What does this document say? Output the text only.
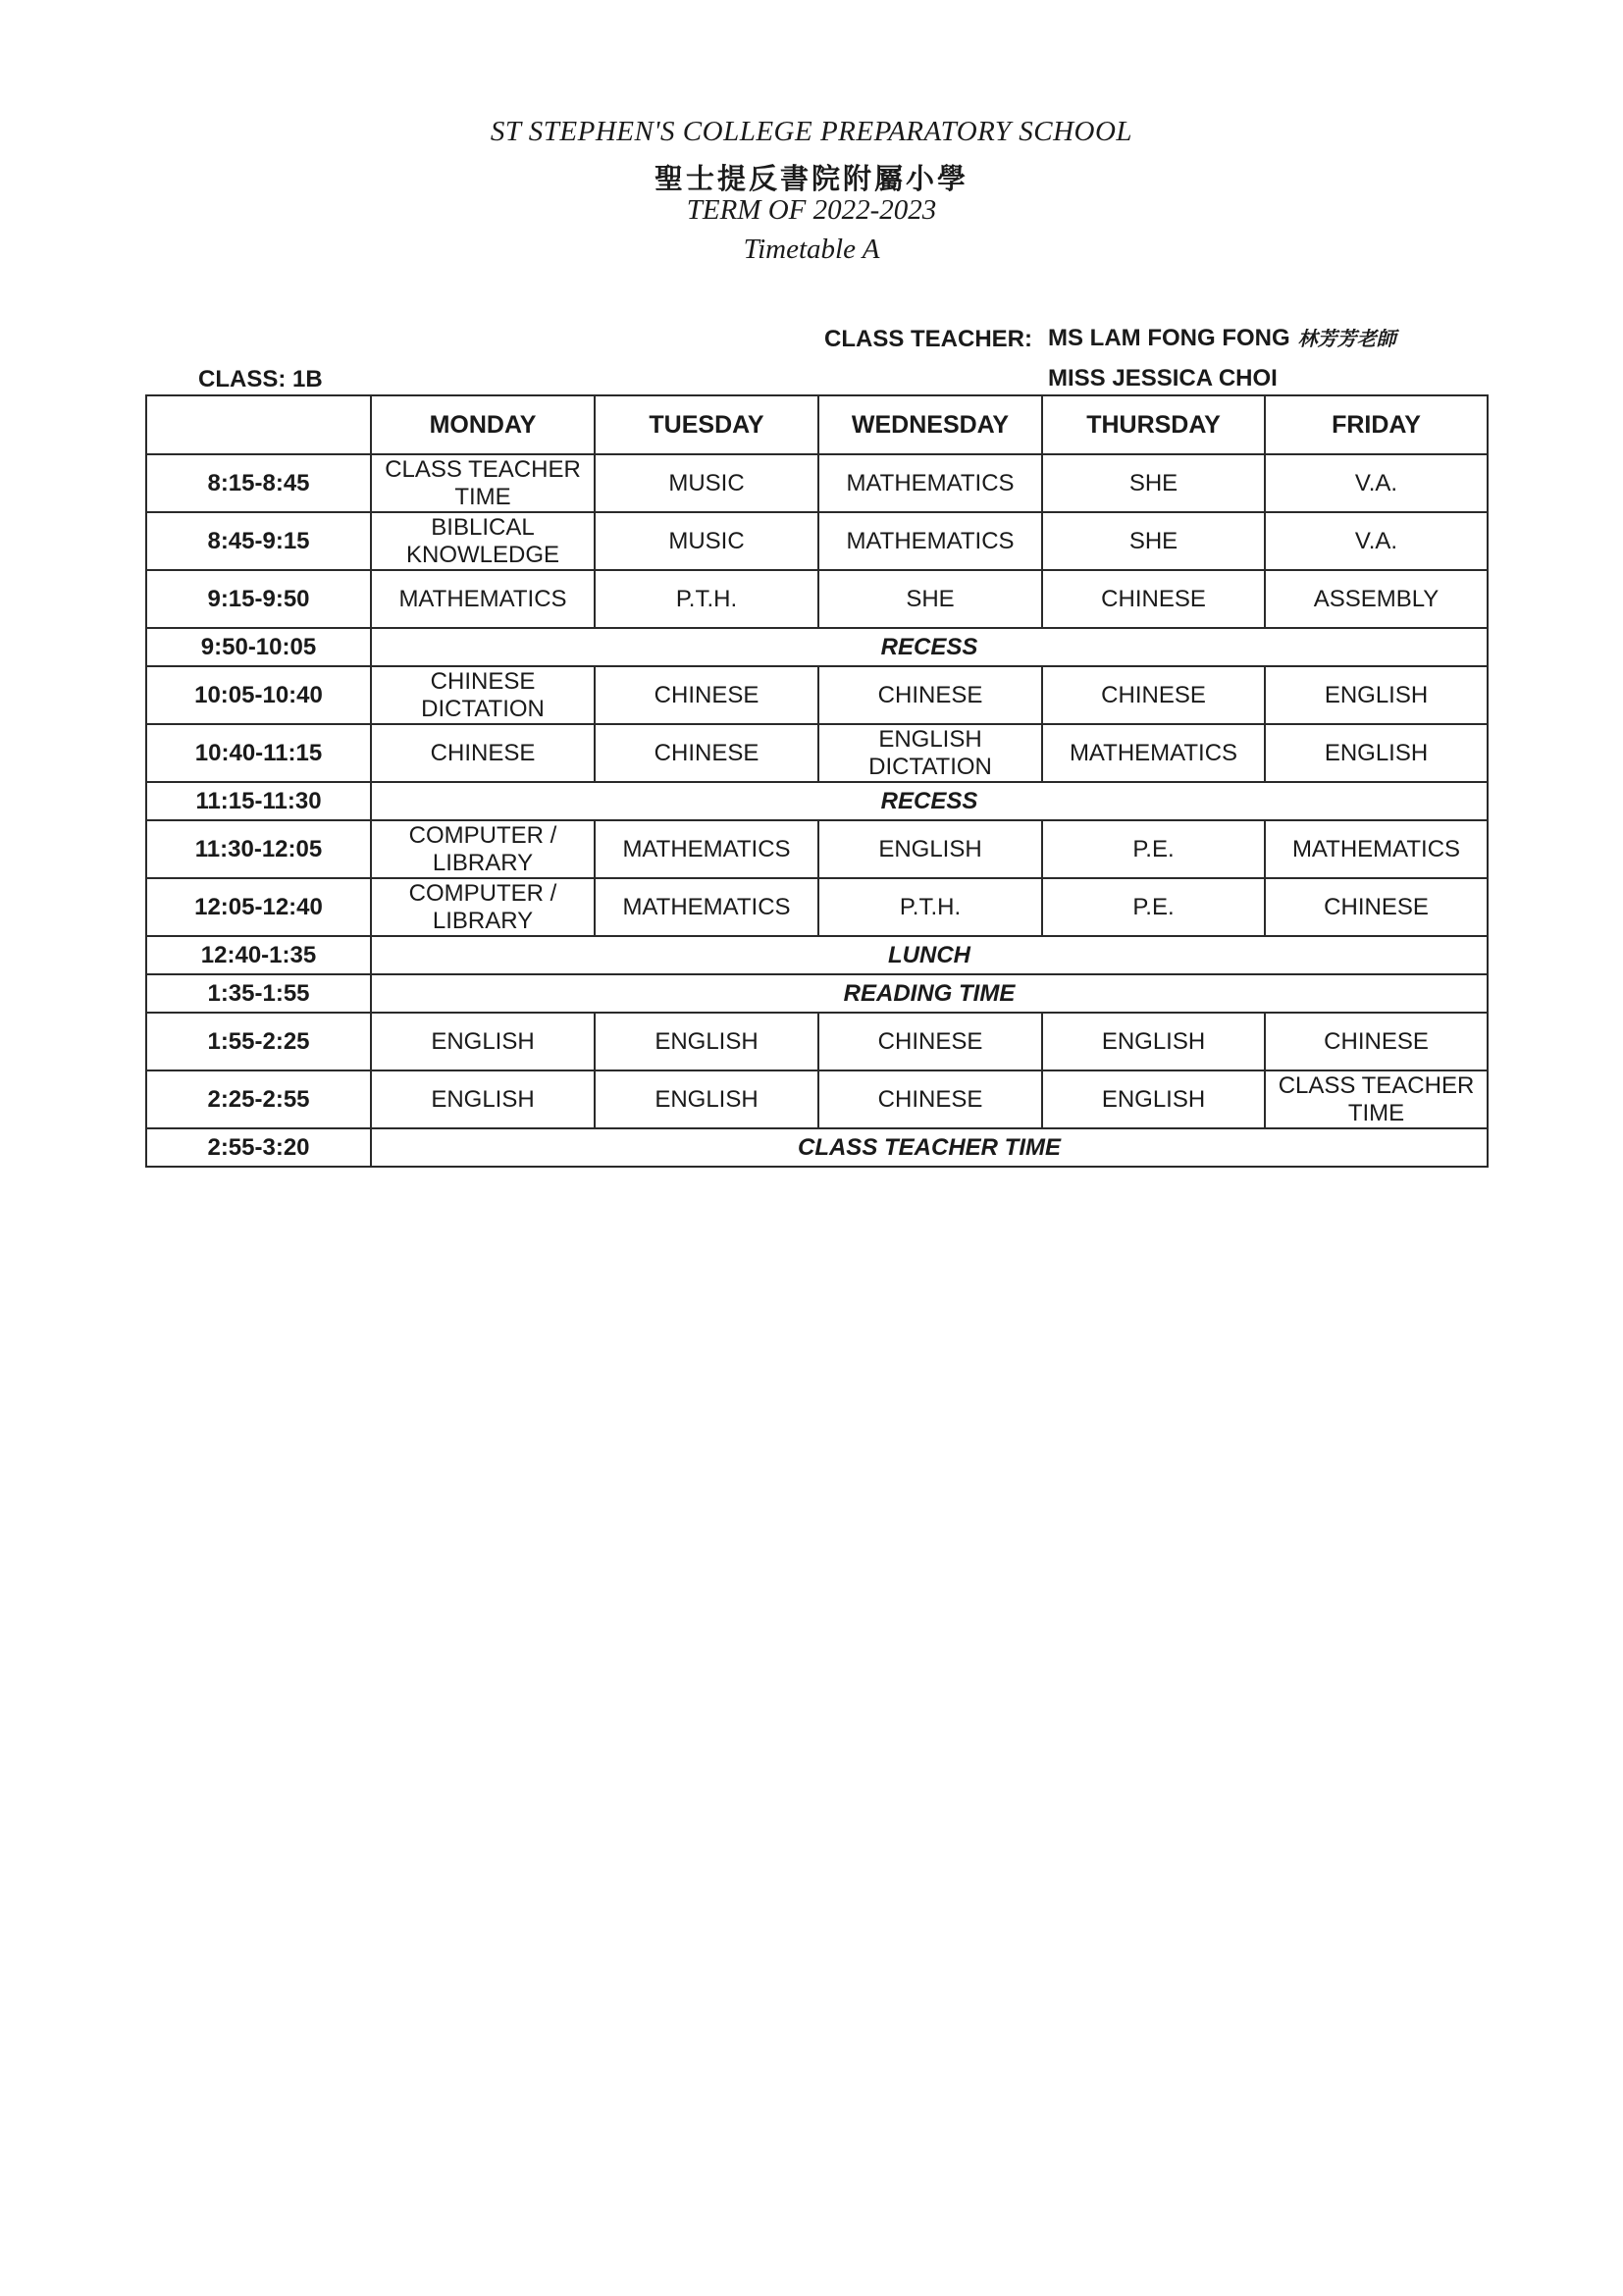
ST STEPHEN'S COLLEGE PREPARATORY SCHOOL
聖士提反書院附屬小學
TERM OF 2022-2023
Timetable A
CLASS TEACHER: MS LAM FONG FONG 林芳芳老師
MISS JESSICA CHOI
CLASS: 1B
	MONDAY	TUESDAY	WEDNESDAY	THURSDAY	FRIDAY
8:15-8:45	CLASS TEACHER TIME	MUSIC	MATHEMATICS	SHE	V.A.
8:45-9:15	BIBLICAL KNOWLEDGE	MUSIC	MATHEMATICS	SHE	V.A.
9:15-9:50	MATHEMATICS	P.T.H.	SHE	CHINESE	ASSEMBLY
9:50-10:05	RECESS				
10:05-10:40	CHINESE DICTATION	CHINESE	CHINESE	CHINESE	ENGLISH
10:40-11:15	CHINESE	CHINESE	ENGLISH DICTATION	MATHEMATICS	ENGLISH
11:15-11:30	RECESS				
11:30-12:05	COMPUTER / LIBRARY	MATHEMATICS	ENGLISH	P.E.	MATHEMATICS
12:05-12:40	COMPUTER / LIBRARY	MATHEMATICS	P.T.H.	P.E.	CHINESE
12:40-1:35	LUNCH				
1:35-1:55	READING TIME				
1:55-2:25	ENGLISH	ENGLISH	CHINESE	ENGLISH	CHINESE
2:25-2:55	ENGLISH	ENGLISH	CHINESE	ENGLISH	CLASS TEACHER TIME
2:55-3:20	CLASS TEACHER TIME				
